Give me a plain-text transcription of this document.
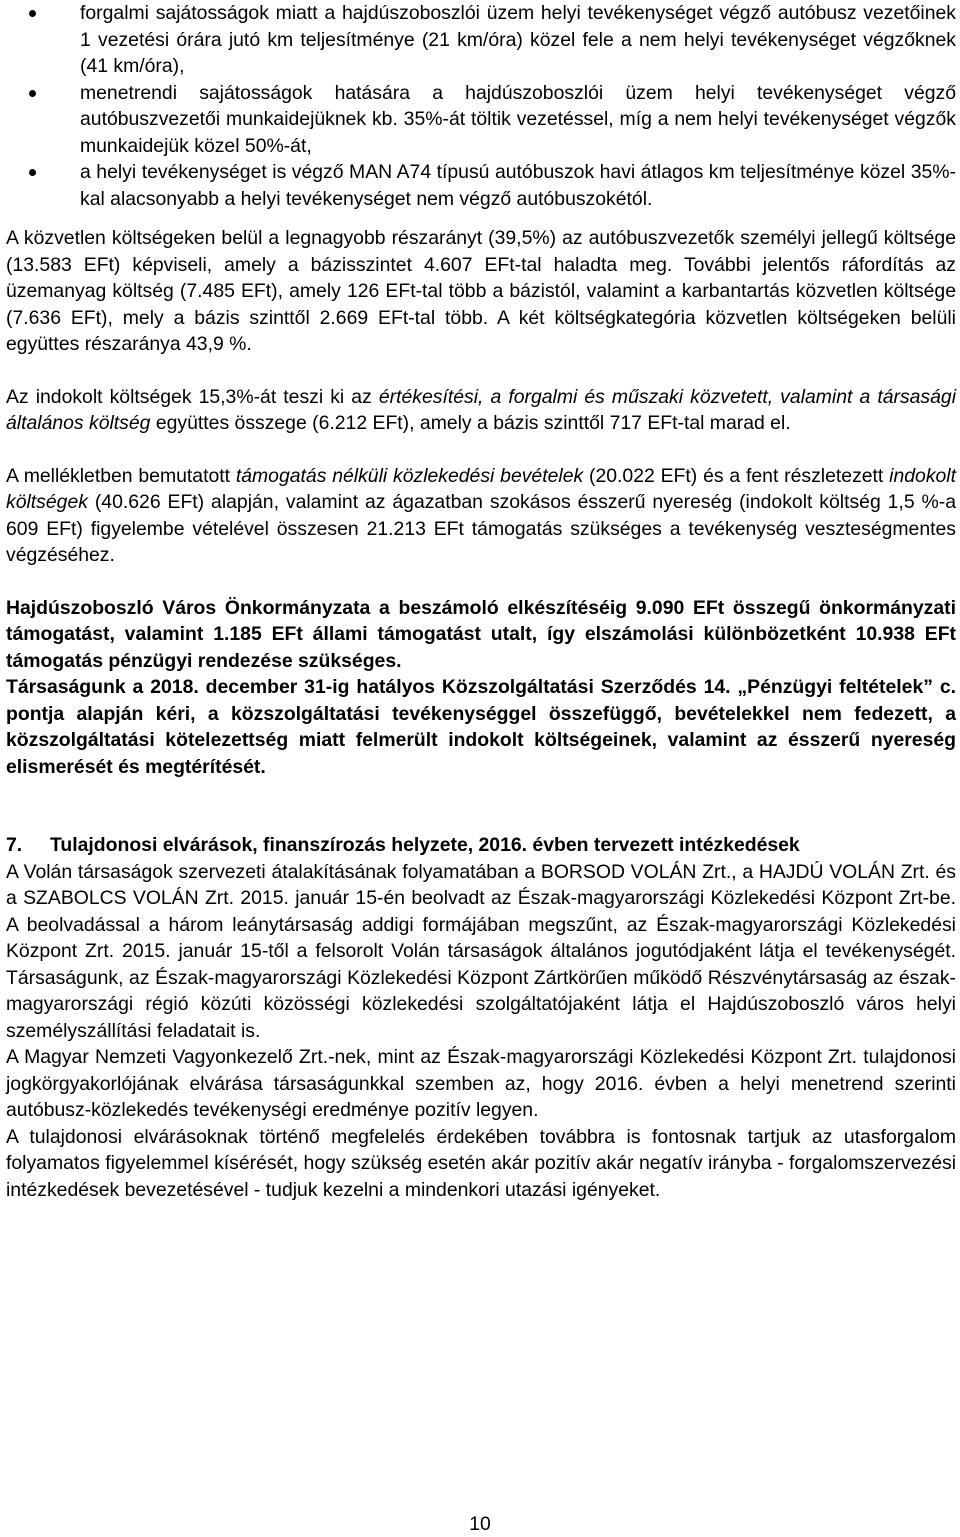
forgalmi sajátosságok miatt a hajdúszoboszlói üzem helyi tevékenységet végző autóbusz vezetőinek 1 vezetési órára jutó km teljesítménye (21 km/óra) közel fele a nem helyi tevékenységet végzőknek (41 km/óra),
menetrendi sajátosságok hatására a hajdúszoboszlói üzem helyi tevékenységet végző autóbuszvezetői munkaidejüknek kb. 35%-át töltik vezetéssel, míg a nem helyi tevékenységet végzők munkaidejük közel 50%-át,
a helyi tevékenységet is végző MAN A74 típusú autóbuszok havi átlagos km teljesítménye közel 35%-kal alacsonyabb a helyi tevékenységet nem végző autóbuszokétól.

A közvetlen költségeken belül a legnagyobb részarányt (39,5%) az autóbuszvezetők személyi jellegű költsége (13.583 EFt) képviseli, amely a bázisszintet 4.607 EFt-tal haladta meg. További jelentős ráfordítás az üzemanyag költség (7.485 EFt), amely 126 EFt-tal több a bázistól, valamint a karbantartás közvetlen költsége (7.636 EFt), mely a bázis szinttől 2.669 EFt-tal több. A két költségkategória közvetlen költségeken belüli együttes részaránya 43,9 %.

Az indokolt költségek 15,3%-át teszi ki az értékesítési, a forgalmi és műszaki közvetett, valamint a társasági általános költség együttes összege (6.212 EFt), amely a bázis szinttől 717 EFt-tal marad el.

A mellékletben bemutatott támogatás nélküli közlekedési bevételek (20.022 EFt) és a fent részletezett indokolt költségek (40.626 EFt) alapján, valamint az ágazatban szokásos ésszerű nyereség (indokolt költség 1,5 %-a 609 EFt) figyelembe vételével összesen 21.213 EFt támogatás szükséges a tevékenység veszteségmentes végzéséhez.

Hajdúszoboszló Város Önkormányzata a beszámoló elkészítéséig 9.090 EFt összegű önkormányzati támogatást, valamint 1.185 EFt állami támogatást utalt, így elszámolási különbözetként 10.938 EFt támogatás pénzügyi rendezése szükséges.

Társaságunk a 2018. december 31-ig hatályos Közszolgáltatási Szerződés 14. „Pénzügyi feltételek” c. pontja alapján kéri, a közszolgáltatási tevékenységgel összefüggő, bevételekkel nem fedezett, a közszolgáltatási kötelezettség miatt felmerült indokolt költségeinek, valamint az ésszerű nyereség elismerését és megtérítését.

7. Tulajdonosi elvárások, finanszírozás helyzete, 2016. évben tervezett intézkedések

A Volán társaságok szervezeti átalakításának folyamatában a BORSOD VOLÁN Zrt., a HAJDÚ VOLÁN Zrt. és a SZABOLCS VOLÁN Zrt. 2015. január 15-én beolvadt az Észak-magyarországi Közlekedési Központ Zrt-be. A beolvadással a három leánytársaság addigi formájában megszűnt, az Észak-magyarországi Közlekedési Központ Zrt. 2015. január 15-től a felsorolt Volán társaságok általános jogutódjaként látja el tevékenységét. Társaságunk, az Észak-magyarországi Közlekedési Központ Zártkörűen működő Részvénytársaság az észak-magyarországi régió közúti közösségi közlekedési szolgáltatójaként látja el Hajdúszoboszló város helyi személyszállítási feladatait is.

A Magyar Nemzeti Vagyonkezelő Zrt.-nek, mint az Észak-magyarországi Közlekedési Központ Zrt. tulajdonosi jogkörgyakorlójának elvárása társaságunkkal szemben az, hogy 2016. évben a helyi menetrend szerinti autóbusz-közlekedés tevékenységi eredménye pozitív legyen.

A tulajdonosi elvárásoknak történő megfelelés érdekében továbbra is fontosnak tartjuk az utasforgalom folyamatos figyelemmel kísérését, hogy szükség esetén akár pozitív akár negatív irányba - forgalomszervezési intézkedések bevezetésével - tudjuk kezelni a mindenkori utazási igényeket.

10
